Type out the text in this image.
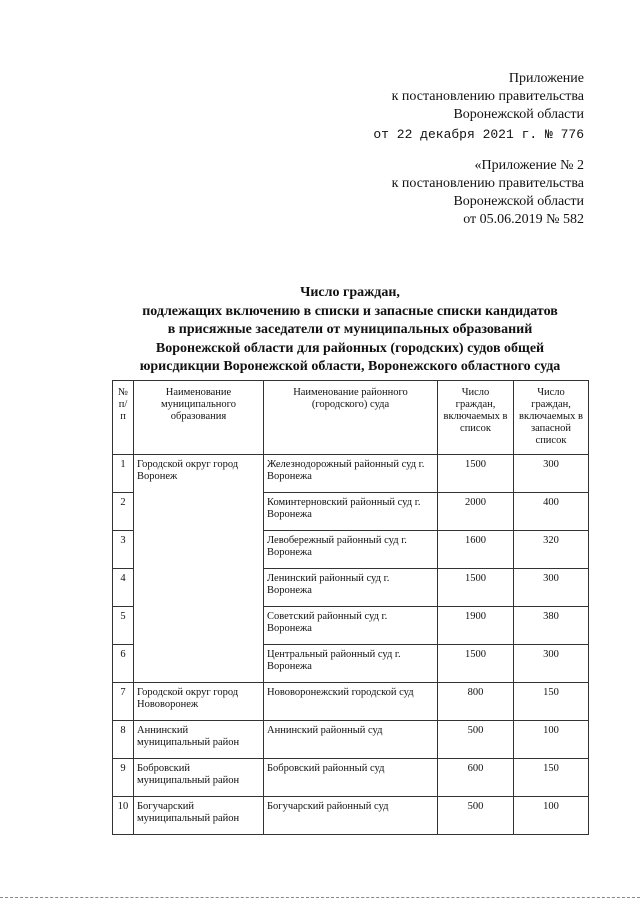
Приложение
к постановлению правительства
Воронежской области
от 22 декабря 2021 г. № 776
«Приложение № 2
к постановлению правительства
Воронежской области
от 05.06.2019 № 582
Число граждан,
подлежащих включению в списки и запасные списки кандидатов
в присяжные заседатели от муниципальных образований
Воронежской области для районных (городских) судов общей
юрисдикции Воронежской области, Воронежского областного суда
№ п/п	Наименование муниципального образования	Наименование районного (городского) суда	Число граждан, включаемых в список	Число граждан, включаемых в запасной список
1	Городской округ город Воронеж	Железнодорожный районный суд г. Воронежа	1500	300
2		Коминтерновский районный суд г. Воронежа	2000	400
3		Левобережный районный суд г. Воронежа	1600	320
4		Ленинский районный суд г. Воронежа	1500	300
5		Советский районный суд г. Воронежа	1900	380
6		Центральный районный суд г. Воронежа	1500	300
7	Городской округ город Нововоронеж	Нововоронежский городской суд	800	150
8	Аннинский муниципальный район	Аннинский районный суд	500	100
9	Бобровский муниципальный район	Бобровский районный суд	600	150
10	Богучарский муниципальный район	Богучарский районный суд	500	100
